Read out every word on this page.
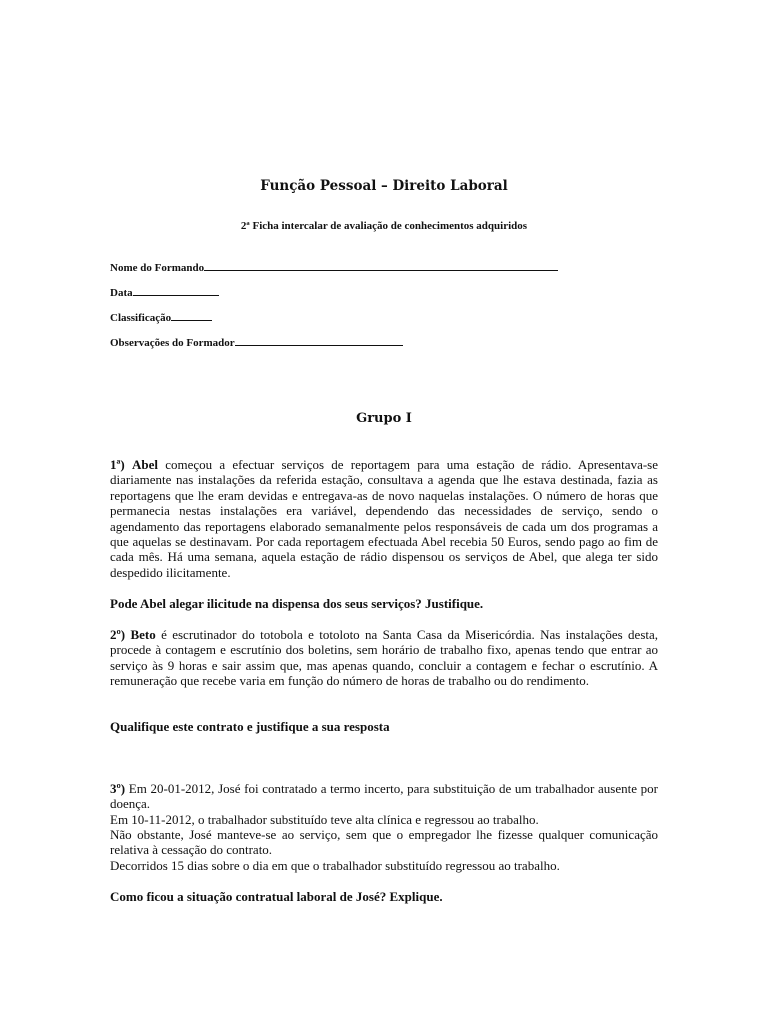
Função Pessoal – Direito Laboral
2ª Ficha intercalar de avaliação de conhecimentos adquiridos
Nome do Formando
Data
Classificação
Observações do Formador
Grupo I
1ª) Abel começou a efectuar serviços de reportagem para uma estação de rádio. Apresentava-se diariamente nas instalações da referida estação, consultava a agenda que lhe estava destinada, fazia as reportagens que lhe eram devidas e entregava-as de novo naquelas instalações. O número de horas que permanecia nestas instalações era variável, dependendo das necessidades de serviço, sendo o agendamento das reportagens elaborado semanalmente pelos responsáveis de cada um dos programas a que aquelas se destinavam. Por cada reportagem efectuada Abel recebia 50 Euros, sendo pago ao fim de cada mês. Há uma semana, aquela estação de rádio dispensou os serviços de Abel, que alega ter sido despedido ilicitamente.
Pode Abel alegar ilicitude na dispensa dos seus serviços? Justifique.
2º) Beto é escrutinador do totobola e totoloto na Santa Casa da Misericórdia. Nas instalações desta, procede à contagem e escrutínio dos boletins, sem horário de trabalho fixo, apenas tendo que entrar ao serviço às 9 horas e sair assim que, mas apenas quando, concluir a contagem e fechar o escrutínio. A remuneração que recebe varia em função do número de horas de trabalho ou do rendimento.
Qualifique este contrato e justifique a sua resposta
3º) Em 20-01-2012, José foi contratado a termo incerto, para substituição de um trabalhador ausente por doença.
Em 10-11-2012, o trabalhador substituído teve alta clínica e regressou ao trabalho.
Não obstante, José manteve-se ao serviço, sem que o empregador lhe fizesse qualquer comunicação relativa à cessação do contrato.
Decorridos 15 dias sobre o dia em que o trabalhador substituído regressou ao trabalho.
Como ficou a situação contratual laboral de José? Explique.
